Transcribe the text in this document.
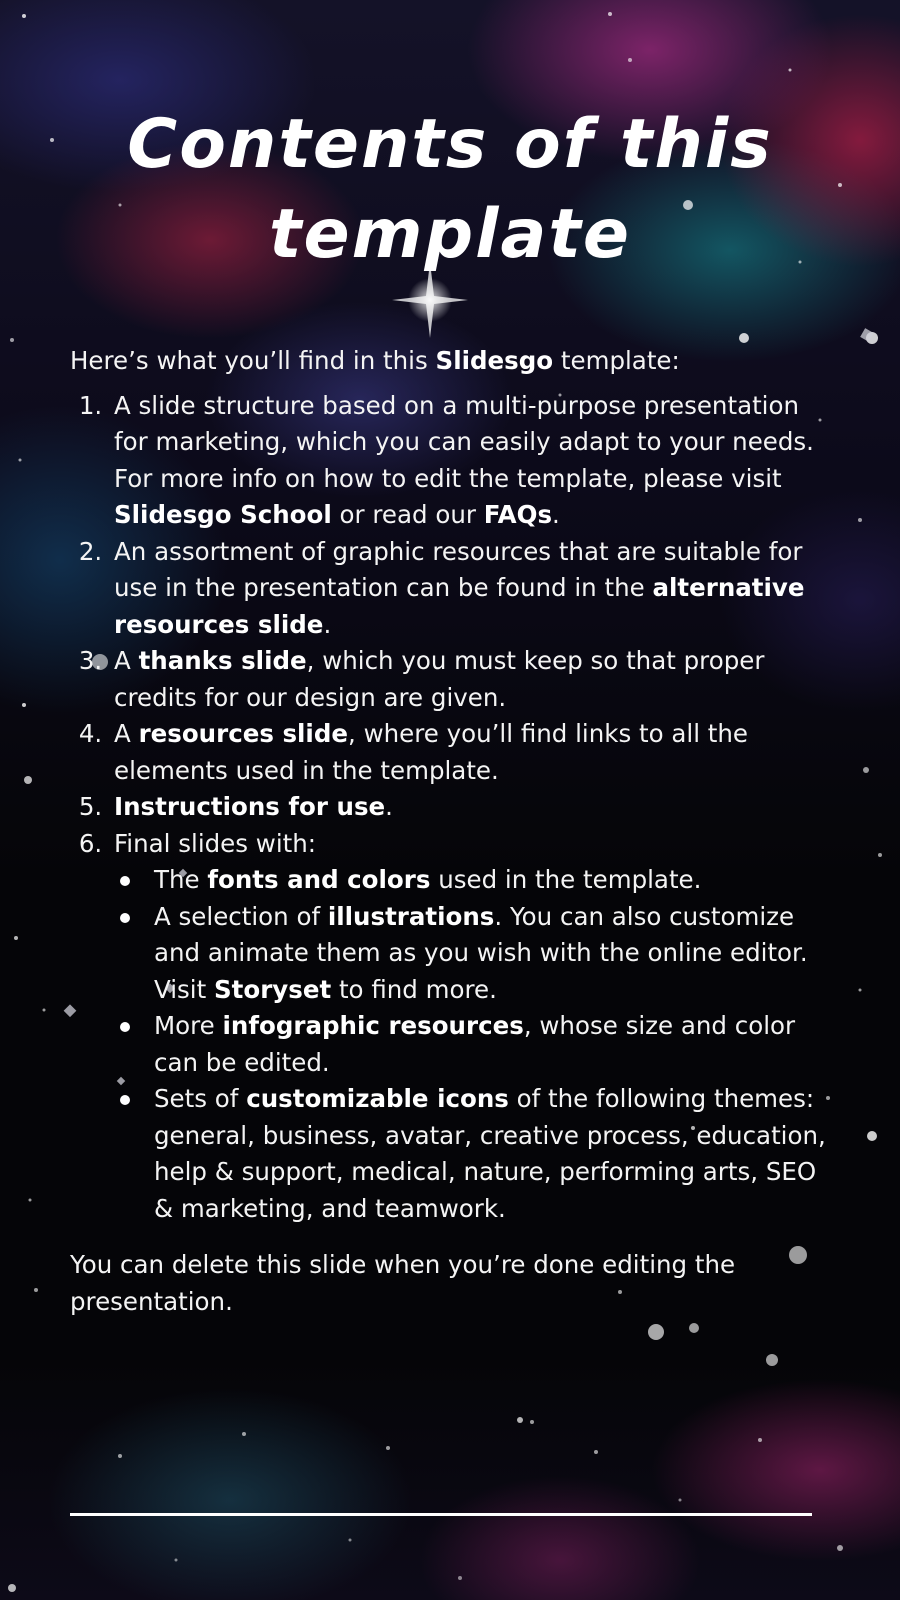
Contents of this template

Here’s what you’ll find in this Slidesgo template:

1. A slide structure based on a multi-purpose presentation for marketing, which you can easily adapt to your needs. For more info on how to edit the template, please visit Slidesgo School or read our FAQs.
2. An assortment of graphic resources that are suitable for use in the presentation can be found in the alternative resources slide.
3. A thanks slide, which you must keep so that proper credits for our design are given.
4. A resources slide, where you’ll find links to all the elements used in the template.
5. Instructions for use.
6. Final slides with:
The fonts and colors used in the template.
A selection of illustrations. You can also customize and animate them as you wish with the online editor. Visit Storyset to find more.
More infographic resources, whose size and color can be edited.
Sets of customizable icons of the following themes: general, business, avatar, creative process, education, help & support, medical, nature, performing arts, SEO & marketing, and teamwork.

You can delete this slide when you’re done editing the presentation.
